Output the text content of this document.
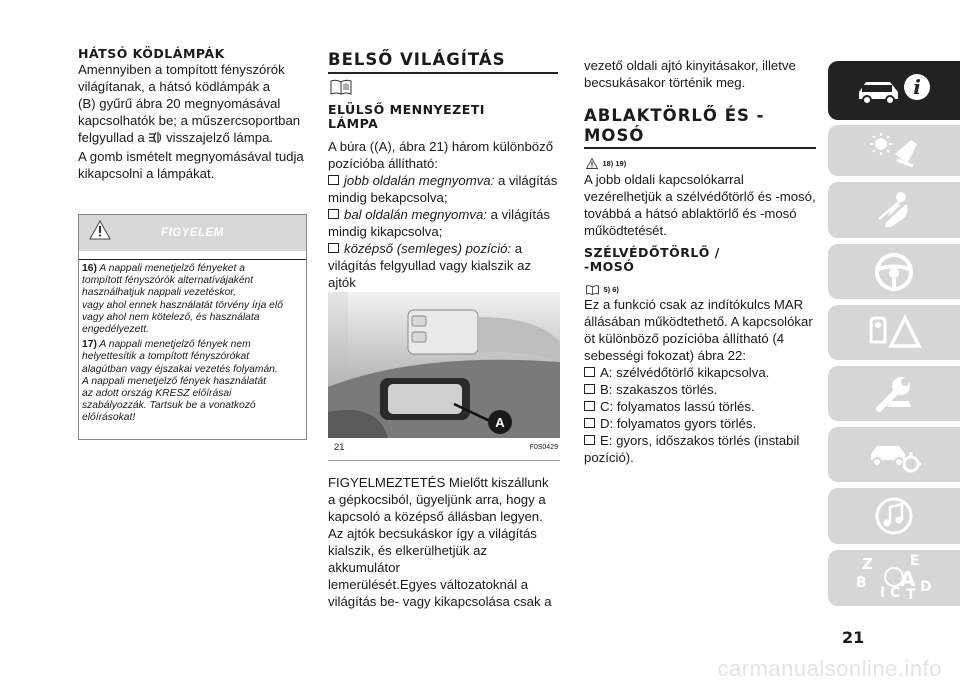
HÁTSÓ KÖDLÁMPÁK

Amennyiben a tompított fényszórók

világítanak, a hátsó ködlámpák a

(B) gyűrű ábra 20 megnyomásával

kapcsolhatók be; a műszercsoportban

felgyullad a visszajelző lámpa.

A gomb ismételt megnyomásával tudja

kikapcsolni a lámpákat.

FIGYELEM
16) A nappali menetjelző fényeket a
tompított fényszórók alternatívájaként
használhatjuk nappali vezetéskor,
vagy ahol ennek használatát törvény írja elő
vagy ahol nem kötelező, és használata
engedélyezett.
17) A nappali menetjelző fények nem
helyettesítik a tompított fényszórókat
alagútban vagy éjszakai vezetés folyamán.
A nappali menetjelző fények használatát
az adott ország KRESZ előírásai
szabályozzák. Tartsuk be a vonatkozó
előírásokat!
BELSŐ VILÁGÍTÁS
ELÜLSŐ MENNYEZETI
LÁMPA

A búra ((A), ábra 21) három különböző

pozícióba állítható:

jobb oldalán megnyomva: a világítás

mindig bekapcsolva;

bal oldalán megnyomva: a világítás

mindig kikapcsolva;

középső (semleges) pozíció: a

világítás felgyullad vagy kialszik az ajtók

A
21	F0S0429

FIGYELMEZTETÉS Mielőtt kiszállunk

a gépkocsiból, ügyeljünk arra, hogy a

kapcsoló a középső állásban legyen.

Az ajtók becsukáskor így a világítás

kialszik, és elkerülhetjük az akkumulátor

lemerülését.Egyes változatoknál a

világítás be- vagy kikapcsolása csak a

vezető oldali ajtó kinyitásakor, illetve

becsukásakor történik meg.

ABLAKTÖRLŐ ÉS -
MOSÓ
$^{18) 19)}$

A jobb oldali kapcsolókarral

vezérelhetjük a szélvédőtörlő és -mosó,

továbbá a hátsó ablaktörlő és -mosó

működtetését.

SZÉLVÉDŐTÖRLŐ /
-MOSÓ
$^{5) 6)}$

Ez a funkció csak az indítókulcs MAR

állásában működtethető. A kapcsolókar

öt különböző pozícióba állítható (4

sebességi fokozat) ábra 22:

A: szélvédőtörlő kikapcsolva.

B: szakaszos törlés.

C: folyamatos lassú törlés.

D: folyamatos gyors törlés.

E: gyors, időszakos törlés (instabil

pozíció).

i
Z	E
B A
I C T D
21
carmanualsonline.info
